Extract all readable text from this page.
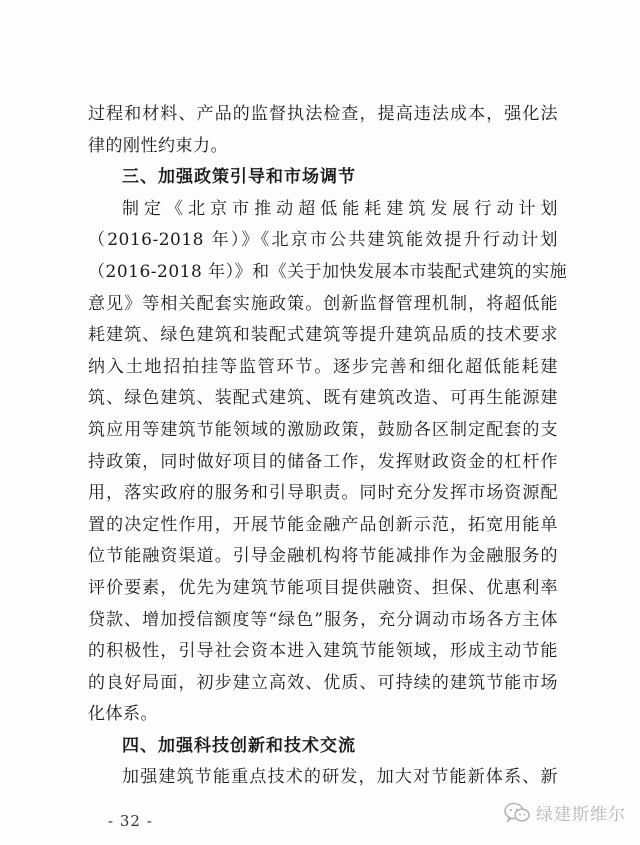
过程和材料、产品的监督执法检查，提高违法成本，强化法
律的刚性约束力。
三、加强政策引导和市场调节
制定《北京市推动超低能耗建筑发展行动计划
（2016-2018 年）》《北京市公共建筑能效提升行动计划
（2016-2018 年）》和《关于加快发展本市装配式建筑的实施
意见》等相关配套实施政策。创新监督管理机制，将超低能
耗建筑、绿色建筑和装配式建筑等提升建筑品质的技术要求
纳入土地招拍挂等监管环节。逐步完善和细化超低能耗建
筑、绿色建筑、装配式建筑、既有建筑改造、可再生能源建
筑应用等建筑节能领域的激励政策，鼓励各区制定配套的支
持政策，同时做好项目的储备工作，发挥财政资金的杠杆作
用，落实政府的服务和引导职责。同时充分发挥市场资源配
置的决定性作用，开展节能金融产品创新示范，拓宽用能单
位节能融资渠道。引导金融机构将节能减排作为金融服务的
评价要素，优先为建筑节能项目提供融资、担保、优惠利率
贷款、增加授信额度等“绿色”服务，充分调动市场各方主体
的积极性，引导社会资本进入建筑节能领域，形成主动节能
的良好局面，初步建立高效、优质、可持续的建筑节能市场
化体系。
四、加强科技创新和技术交流
加强建筑节能重点技术的研发，加大对节能新体系、新
- 32 -	绿建斯维尔
